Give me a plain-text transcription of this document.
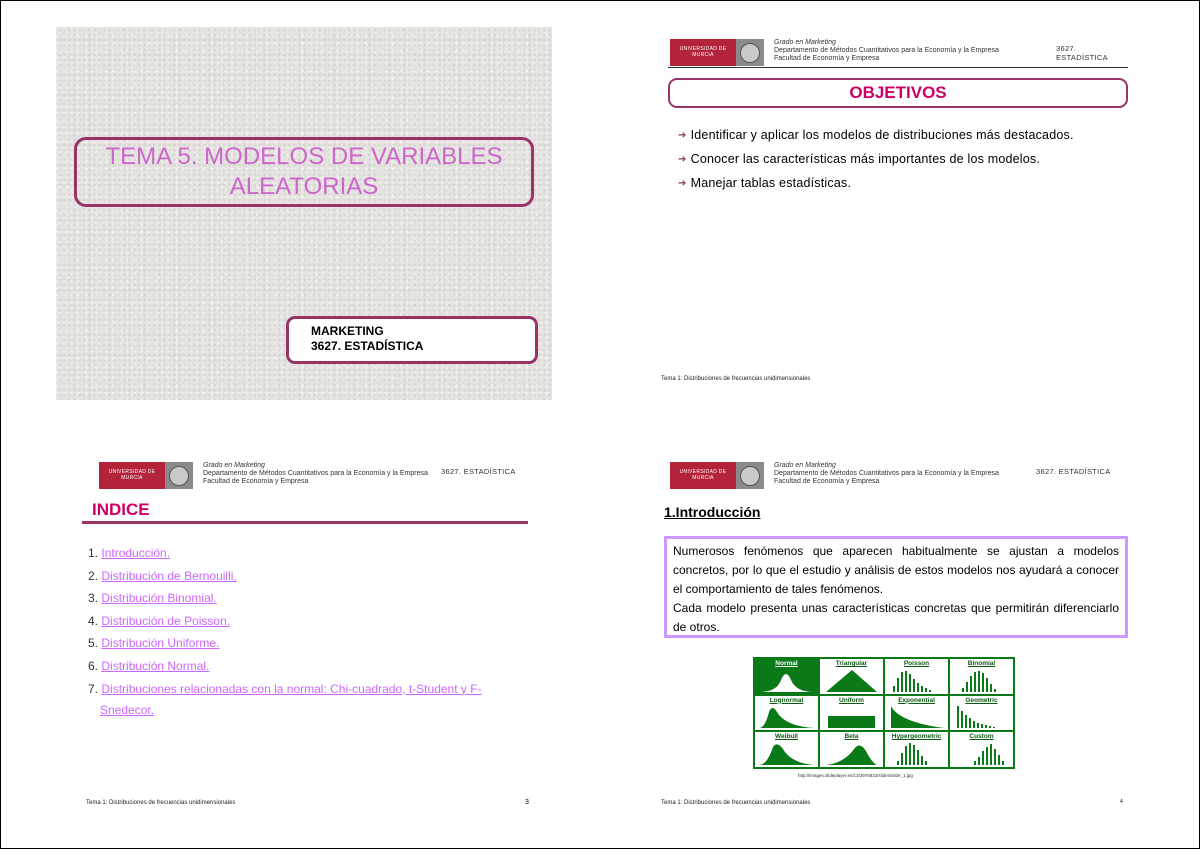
TEMA 5. MODELOS DE VARIABLES ALEATORIAS
MARKETING
3627. ESTADÍSTICA
UNIVERSIDAD DE
MURCIA
Grado en Marketing
Departamento de Métodos Cuantitativos para la Economía y la Empresa
Facultad de Economía y Empresa
3627. ESTADÍSTICA
OBJETIVOS
➔ Identificar y aplicar los modelos de distribuciones más destacados.
➔ Conocer las características más importantes de los modelos.
➔ Manejar tablas estadísticas.
Tema 1: Distribuciones de frecuencias unidimensionales
UNIVERSIDAD DE
MURCIA
Grado en Marketing
Departamento de Métodos Cuantitativos para la Economía y la Empresa
Facultad de Economía y Empresa
3627. ESTADÍSTICA
INDICE
1. Introducción.
2. Distribución de Bernouilli.
3. Distribución Binomial.
4. Distribución de Poisson.
5. Distribución Uniforme.
6. Distribución Normal.
7. Distribuciones relacionadas con la normal: Chi-cuadrado, t-Student y F-Snedecor.
Tema 1: Distribuciones de frecuencias unidimensionales	3
UNIVERSIDAD DE
MURCIA
Grado en Marketing
Departamento de Métodos Cuantitativos para la Economía y la Empresa
Facultad de Economía y Empresa
3627. ESTADÍSTICA
1.Introducción
Numerosos fenómenos que aparecen habitualmente se ajustan a modelos concretos, por lo que el estudio y análisis de estos modelos nos ayudará a conocer el comportamiento de tales fenómenos.
Cada modelo presenta unas características concretas que permitirán diferenciarlo de otros.
Normal	Triangular	Poisson	Binomial
Lognormal	Uniform	Exponential	Geometric
Weibull	Beta	Hypergeometric	Custom
http://images.slideplayer.es/13/3975833/slides/slide_1.jpg
Tema 1: Distribuciones de frecuencias unidimensionales	4
